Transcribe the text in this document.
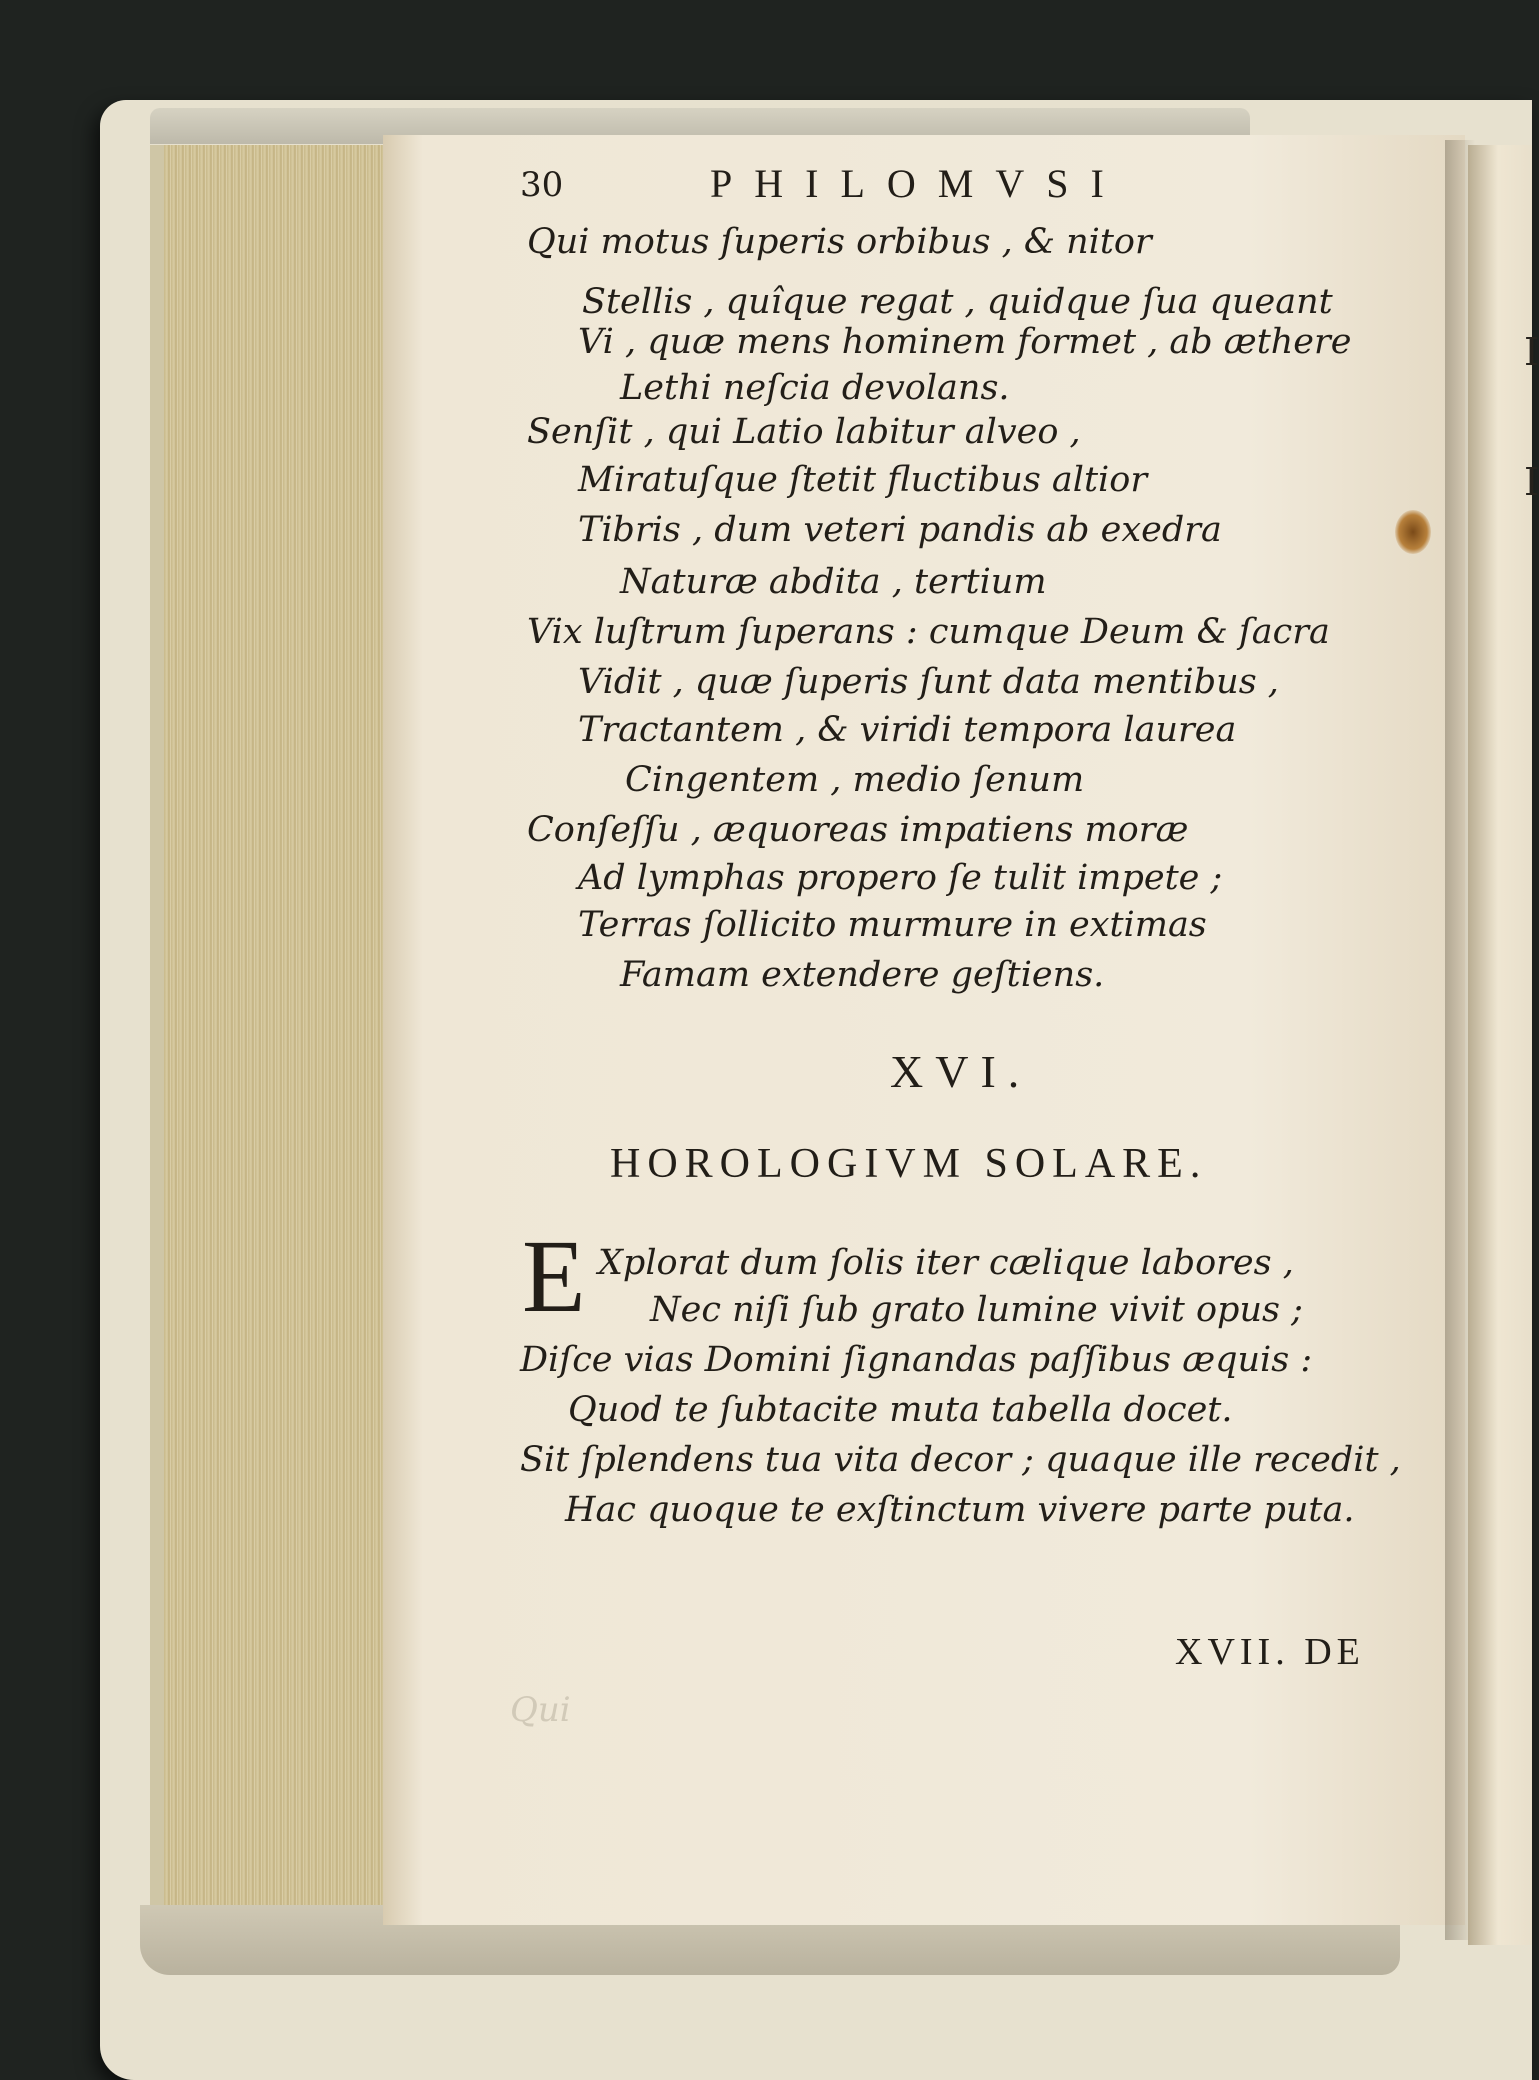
I
I
30	PHILOMVSI
Qui motus ſuperis orbibus , & nitor
Stellis , quîque regat , quidque ſua queant
Vi , quæ mens hominem formet , ab æthere
Lethi neſcia devolans.
Senſit , qui Latio labitur alveo ,
Miratuſque ſtetit fluctibus altior
Tibris , dum veteri pandis ab exedra
Naturæ abdita , tertium
Vix luſtrum ſuperans : cumque Deum & ſacra
Vidit , quæ ſuperis ſunt data mentibus ,
Tractantem , & viridi tempora laurea
Cingentem , medio ſenum
Conſeſſu , æquoreas impatiens moræ
Ad lymphas propero ſe tulit impete ;
Terras ſollicito murmure in extimas
Famam extendere geſtiens.
XVI.
HOROLOGIVM SOLARE.
E Xplorat dum ſolis iter cælique labores ,
Nec niſi ſub grato lumine vivit opus ;
Diſce vias Domini ſignandas paſſibus æquis :
Quod te ſubtacite muta tabella docet.
Sit ſplendens tua vita decor ; quaque ille recedit ,
Hac quoque te exſtinctum vivere parte puta.
XVII. DE
Qui
